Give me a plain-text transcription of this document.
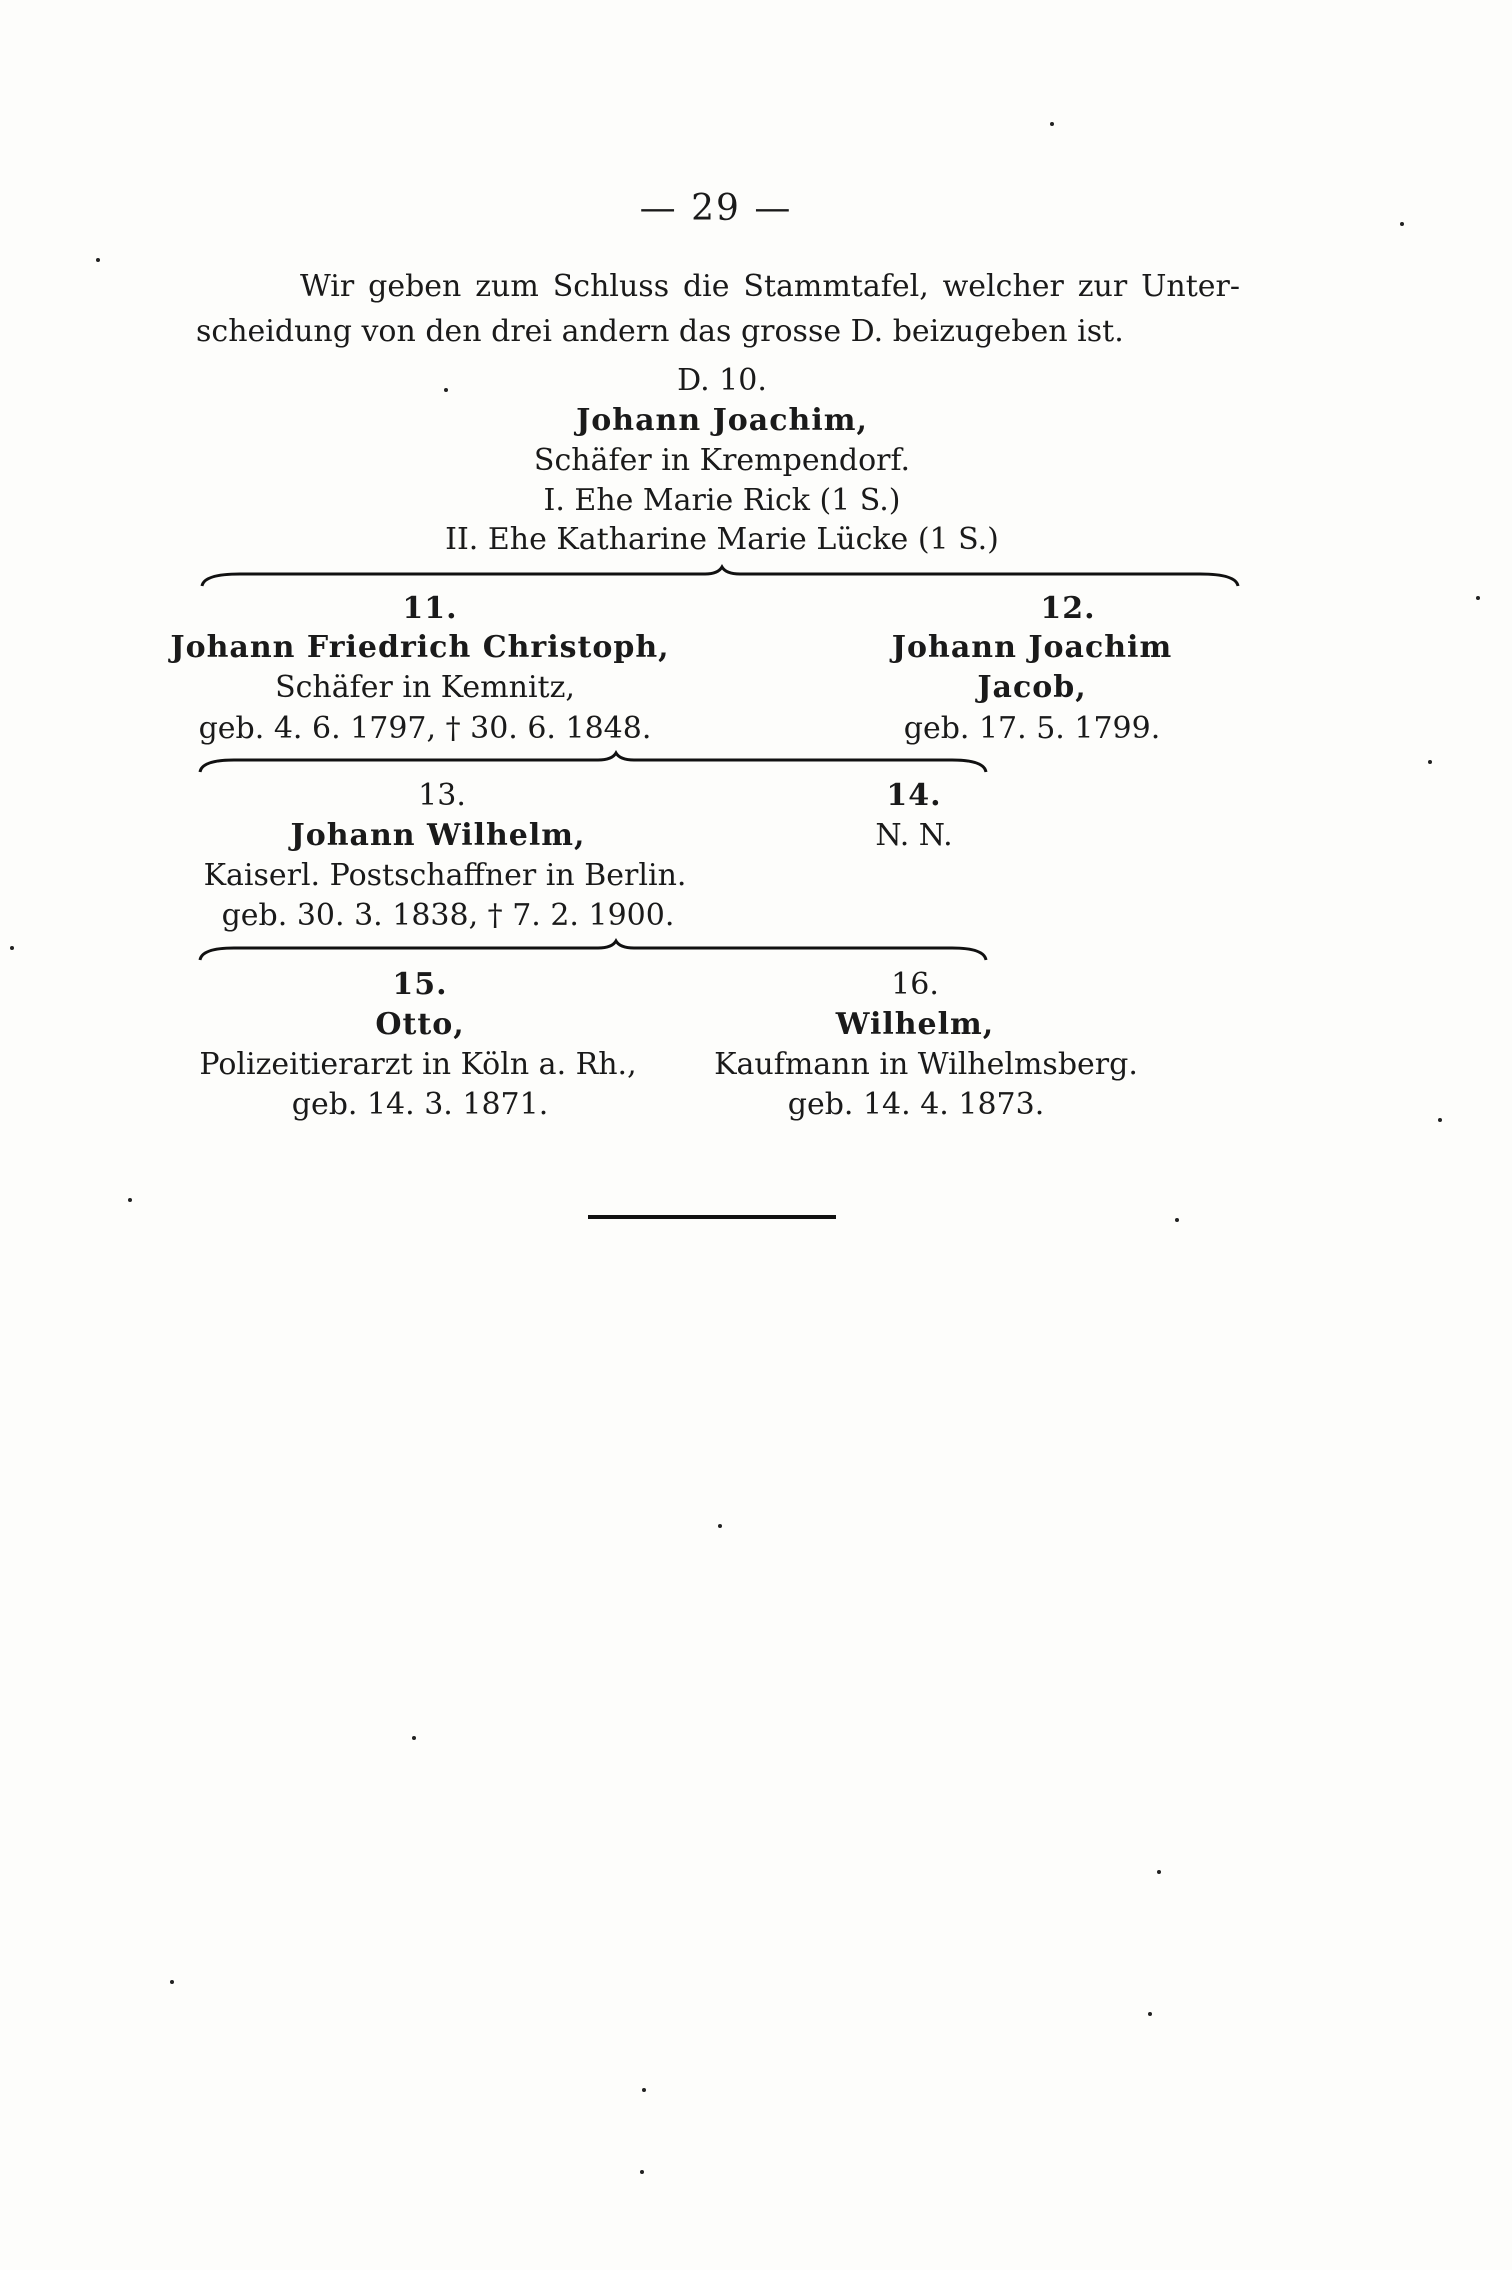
— 29 —
Wir geben zum Schluss die Stammtafel, welcher zur Unter-
scheidung von den drei andern das grosse D. beizugeben ist.
D. 10.
Johann Joachim,
Schäfer in Krempendorf.
I. Ehe Marie Rick (1 S.)
II. Ehe Katharine Marie Lücke (1 S.)
11.
Johann Friedrich Christoph,
Schäfer in Kemnitz,
geb. 4. 6. 1797, † 30. 6. 1848.
12.
Johann Joachim
Jacob,
geb. 17. 5. 1799.
13.
Johann Wilhelm,
Kaiserl. Postschaffner in Berlin.
geb. 30. 3. 1838, † 7. 2. 1900.
14.
N. N.
15.
Otto,
Polizeitierarzt in Köln a. Rh.,
geb. 14. 3. 1871.
16.
Wilhelm,
Kaufmann in Wilhelmsberg.
geb. 14. 4. 1873.
